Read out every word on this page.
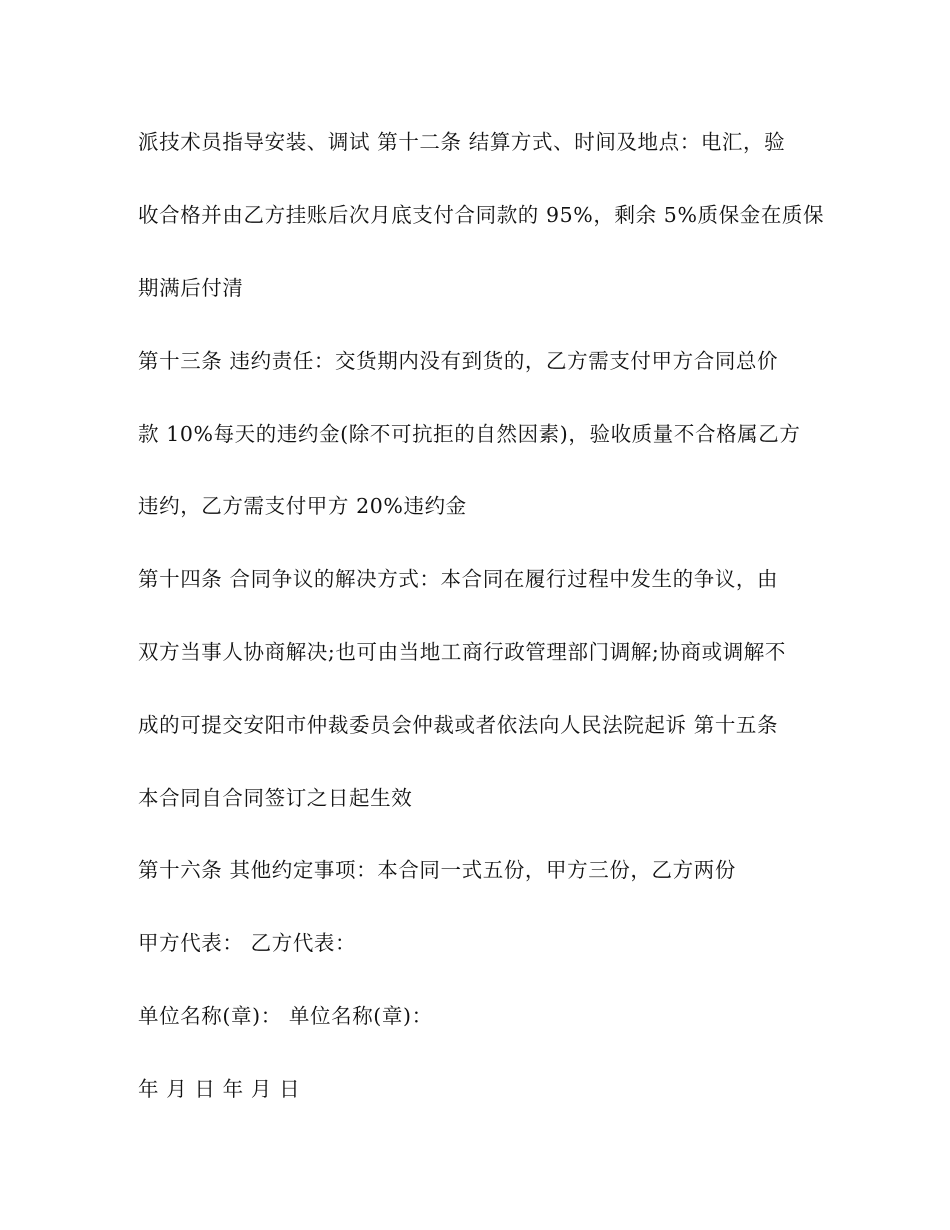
派技术员指导安装、调试 第十二条 结算方式、时间及地点：电汇，验
收合格并由乙方挂账后次月底支付合同款的 95%，剩余 5%质保金在质保
期满后付清
第十三条 违约责任：交货期内没有到货的，乙方需支付甲方合同总价
款 10%每天的违约金(除不可抗拒的自然因素)，验收质量不合格属乙方
违约，乙方需支付甲方 20%违约金
第十四条 合同争议的解决方式：本合同在履行过程中发生的争议，由
双方当事人协商解决;也可由当地工商行政管理部门调解;协商或调解不
成的可提交安阳市仲裁委员会仲裁或者依法向人民法院起诉 第十五条
本合同自合同签订之日起生效
第十六条 其他约定事项：本合同一式五份，甲方三份，乙方两份
甲方代表： 乙方代表：
单位名称(章)： 单位名称(章)：
年 月 日 年 月 日
